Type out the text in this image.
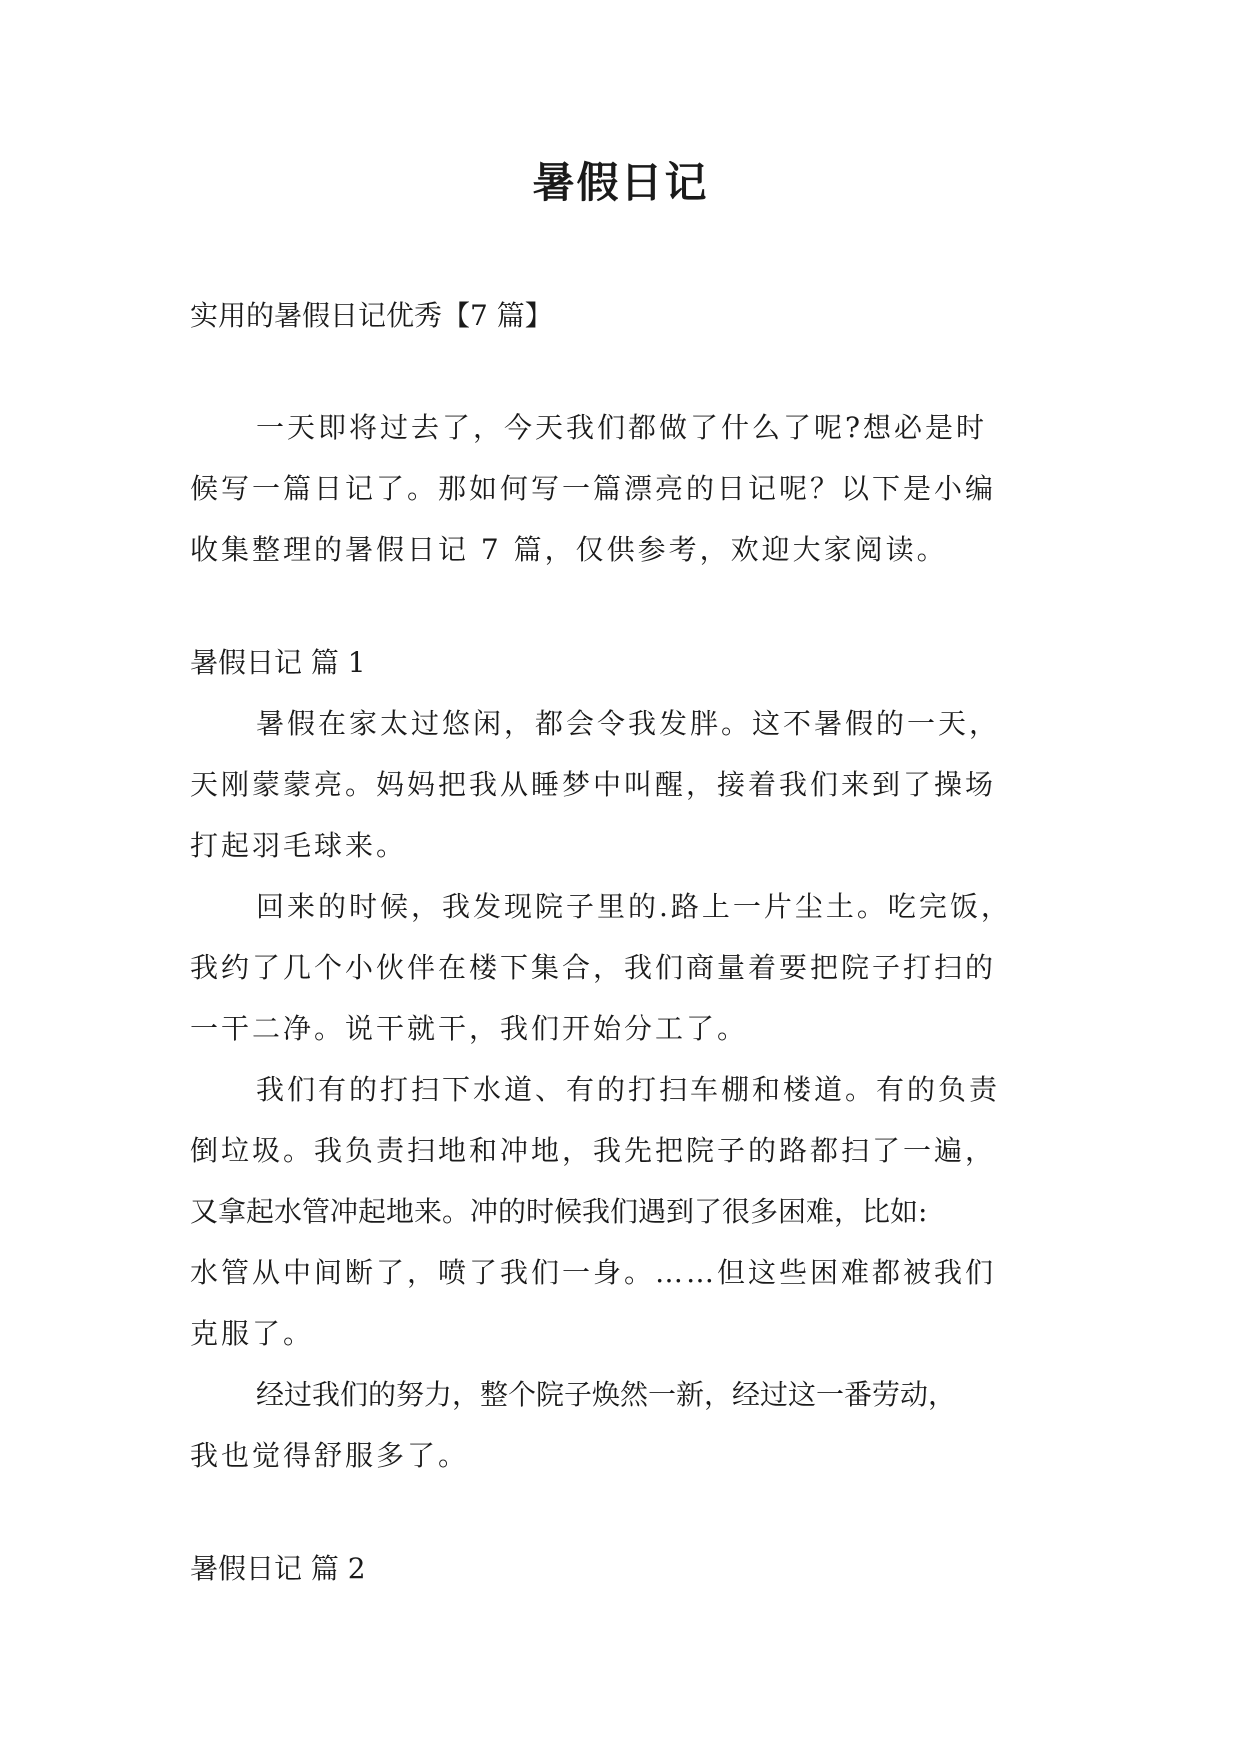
暑假日记
实用的暑假日记优秀【7 篇】
一天即将过去了，今天我们都做了什么了呢?想必是时
候写一篇日记了。那如何写一篇漂亮的日记呢？以下是小编
收集整理的暑假日记 7 篇，仅供参考，欢迎大家阅读。
暑假日记 篇 1
暑假在家太过悠闲，都会令我发胖。这不暑假的一天，
天刚蒙蒙亮。妈妈把我从睡梦中叫醒，接着我们来到了操场
打起羽毛球来。
回来的时候，我发现院子里的.路上一片尘土。吃完饭，
我约了几个小伙伴在楼下集合，我们商量着要把院子打扫的
一干二净。说干就干，我们开始分工了。
我们有的打扫下水道、有的打扫车棚和楼道。有的负责
倒垃圾。我负责扫地和冲地，我先把院子的路都扫了一遍，
又拿起水管冲起地来。冲的时候我们遇到了很多困难，比如:
水管从中间断了，喷了我们一身。……但这些困难都被我们
克服了。
经过我们的努力，整个院子焕然一新，经过这一番劳动，
我也觉得舒服多了。
暑假日记 篇 2
